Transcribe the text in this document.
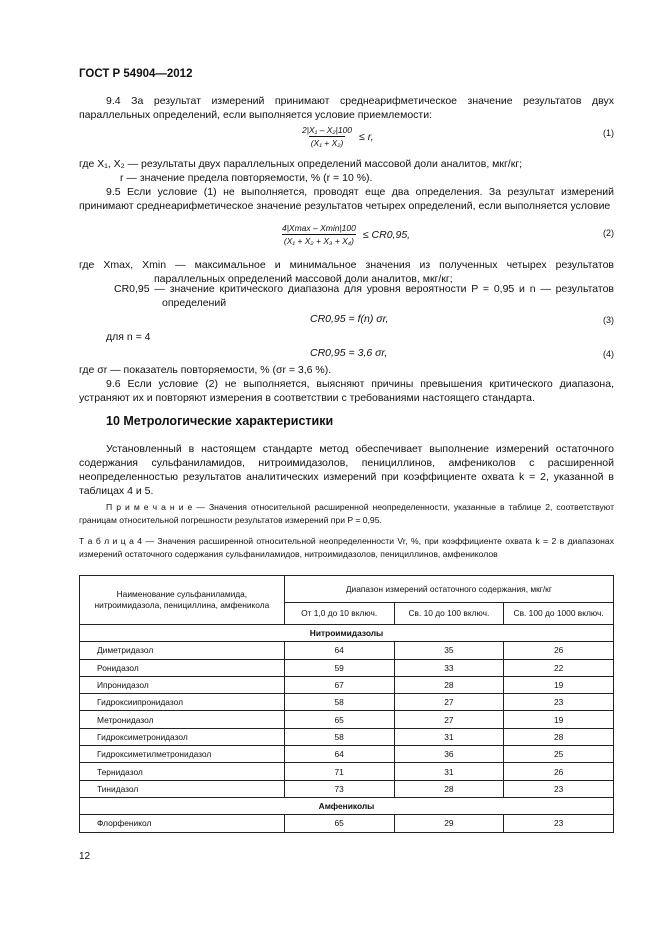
ГОСТ Р 54904—2012
9.4 За результат измерений принимают среднеарифметическое значение результатов двух параллельных определений, если выполняется условие приемлемости:
$\frac{\text{2|X₁ – X₂|100}}{\text{(X₁ + X₂)}} \le r$,	(1)
где X₁, X₂ — результаты двух параллельных определений массовой доли аналитов, мкг/кг;
r — значение предела повторяемости, % (r = 10 %).
9.5 Если условие (1) не выполняется, проводят еще два определения. За результат измерений принимают среднеарифметическое значение результатов четырех определений, если выполняется условие
$\frac{4|Xmax - Xmin|100}{\text{(X₁ + X₂ + X₃ + X₄)}} \le CR0,95$,	(2)
где Xmax, Xmin — максимальное и минимальное значения из полученных четырех результатов параллельных определений массовой доли аналитов, мкг/кг;
CR0,95 — значение критического диапазона для уровня вероятности P = 0,95 и n — результатов определений
CR0,95 = f(n) σr,	(3)
для n = 4
CR0,95 = 3,6 σr,	(4)
где σr — показатель повторяемости, % (σr = 3,6 %).
9.6 Если условие (2) не выполняется, выясняют причины превышения критического диапазона, устраняют их и повторяют измерения в соответствии с требованиями настоящего стандарта.
10 Метрологические характеристики
Установленный в настоящем стандарте метод обеспечивает выполнение измерений остаточного содержания сульфаниламидов, нитроимидазолов, пенициллинов, амфениколов с расширенной неопределенностью результатов аналитических измерений при коэффициенте охвата k = 2, указанной в таблицах 4 и 5.
П р и м е ч а н и е — Значения относительной расширенной неопределенности, указанные в таблице 2, соответствуют границам относительной погрешности результатов измерений при P = 0,95.
Т а б л и ц а 4 — Значения расширенной относительной неопределенности Vr, %, при коэффициенте охвата k = 2 в диапазонах измерений остаточного содержания сульфаниламидов, нитроимидазолов, пенициллинов, амфениколов
Наименование сульфаниламида, нитроимидазола, пенициллина, амфеникола	Диапазон измерений остаточного содержания, мкг/кг		
	От 1,0 до 10 включ.	Св. 10 до 100 включ.	Св. 100 до 1000 включ.
Нитроимидазолы			
Диметридазол	64	35	26
Ронидазол	59	33	22
Ипронидазол	67	28	19
Гидроксиипронидазол	58	27	23
Метронидазол	65	27	19
Гидроксиметронидазол	58	31	28
Гидроксиметилметронидазол	64	36	25
Тернидазол	71	31	26
Тинидазол	73	28	23
Амфениколы			
Флорфеникол	65	29	23
12
